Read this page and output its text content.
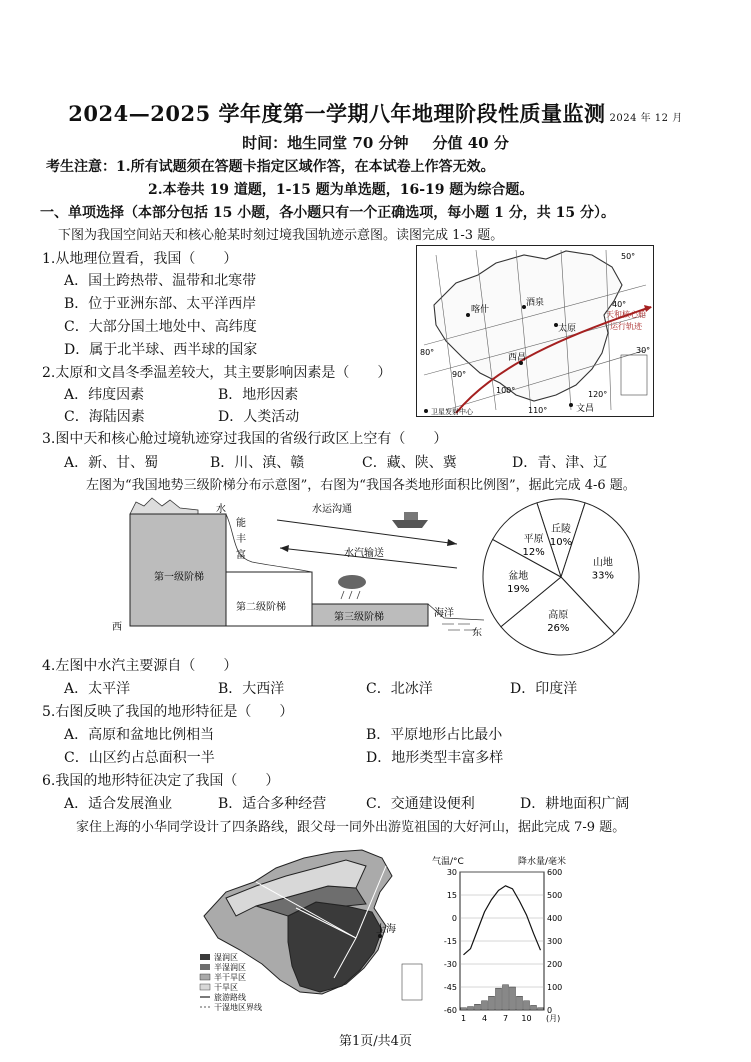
2024—2025 学年度第一学期八年地理阶段性质量监测 2024 年 12 月
时间：地生同堂 70 分钟 分值 40 分
考生注意：1.所有试题须在答题卡指定区域作答，在本试卷上作答无效。
2.本卷共 19 道题，1-15 题为单选题，16-19 题为综合题。
一、单项选择（本部分包括 15 小题，各小题只有一个正确选项，每小题 1 分，共 15 分）。
下图为我国空间站天和核心舱某时刻过境我国轨迹示意图。读图完成 1-3 题。
1.从地理位置看，我国（　　）
A．国土跨热带、温带和北寒带
B．位于亚洲东部、太平洋西岸
C．大部分国土地处中、高纬度
D．属于北半球、西半球的国家
2.太原和文昌冬季温差较大，其主要影响因素是（　　）
A．纬度因素	B．地形因素
C．海陆因素	D．人类活动
喀什
太原
酒泉
西昌
文昌
天和核心舱
运行轨迹
50°
40°
30°
80°
90°
100°
110°
120°
卫星发射中心
3.图中天和核心舱过境轨迹穿过我国的省级行政区上空有（　　）
A．新、甘、蜀	B．川、滇、赣	C．藏、陕、冀	D．青、津、辽
左图为“我国地势三级阶梯分布示意图”，右图为“我国各类地形面积比例图”，据此完成 4-6 题。
第一级阶梯
第二级阶梯
第三级阶梯
水
能
丰
富
水运沟通
水汽输送
海洋
西
东
丘陵
10%
山地
33%
高原
26%
盆地
19%
平原
12%
4.左图中水汽主要源自（　　）
A．太平洋	B．大西洋	C．北冰洋	D．印度洋
5.右图反映了我国的地形特征是（　　）
A．高原和盆地比例相当	B．平原地形占比最小
C．山区约占总面积一半	D．地形类型丰富多样
6.我国的地形特征决定了我国（　　）
A．适合发展渔业	B．适合多种经营	C．交通建设便利	D．耕地面积广阔
家住上海的小华同学设计了四条路线，跟父母一同外出游览祖国的大好河山，据此完成 7-9 题。
上海
湿润区
半湿润区
半干旱区
干旱区
旅游路线
干湿地区界线
气温/°C	降水量/毫米
30	600
15	500
0	400
-15	300
-30	200
-45	100
-60	0
1 4 7 10 (月)
第1页/共4页
